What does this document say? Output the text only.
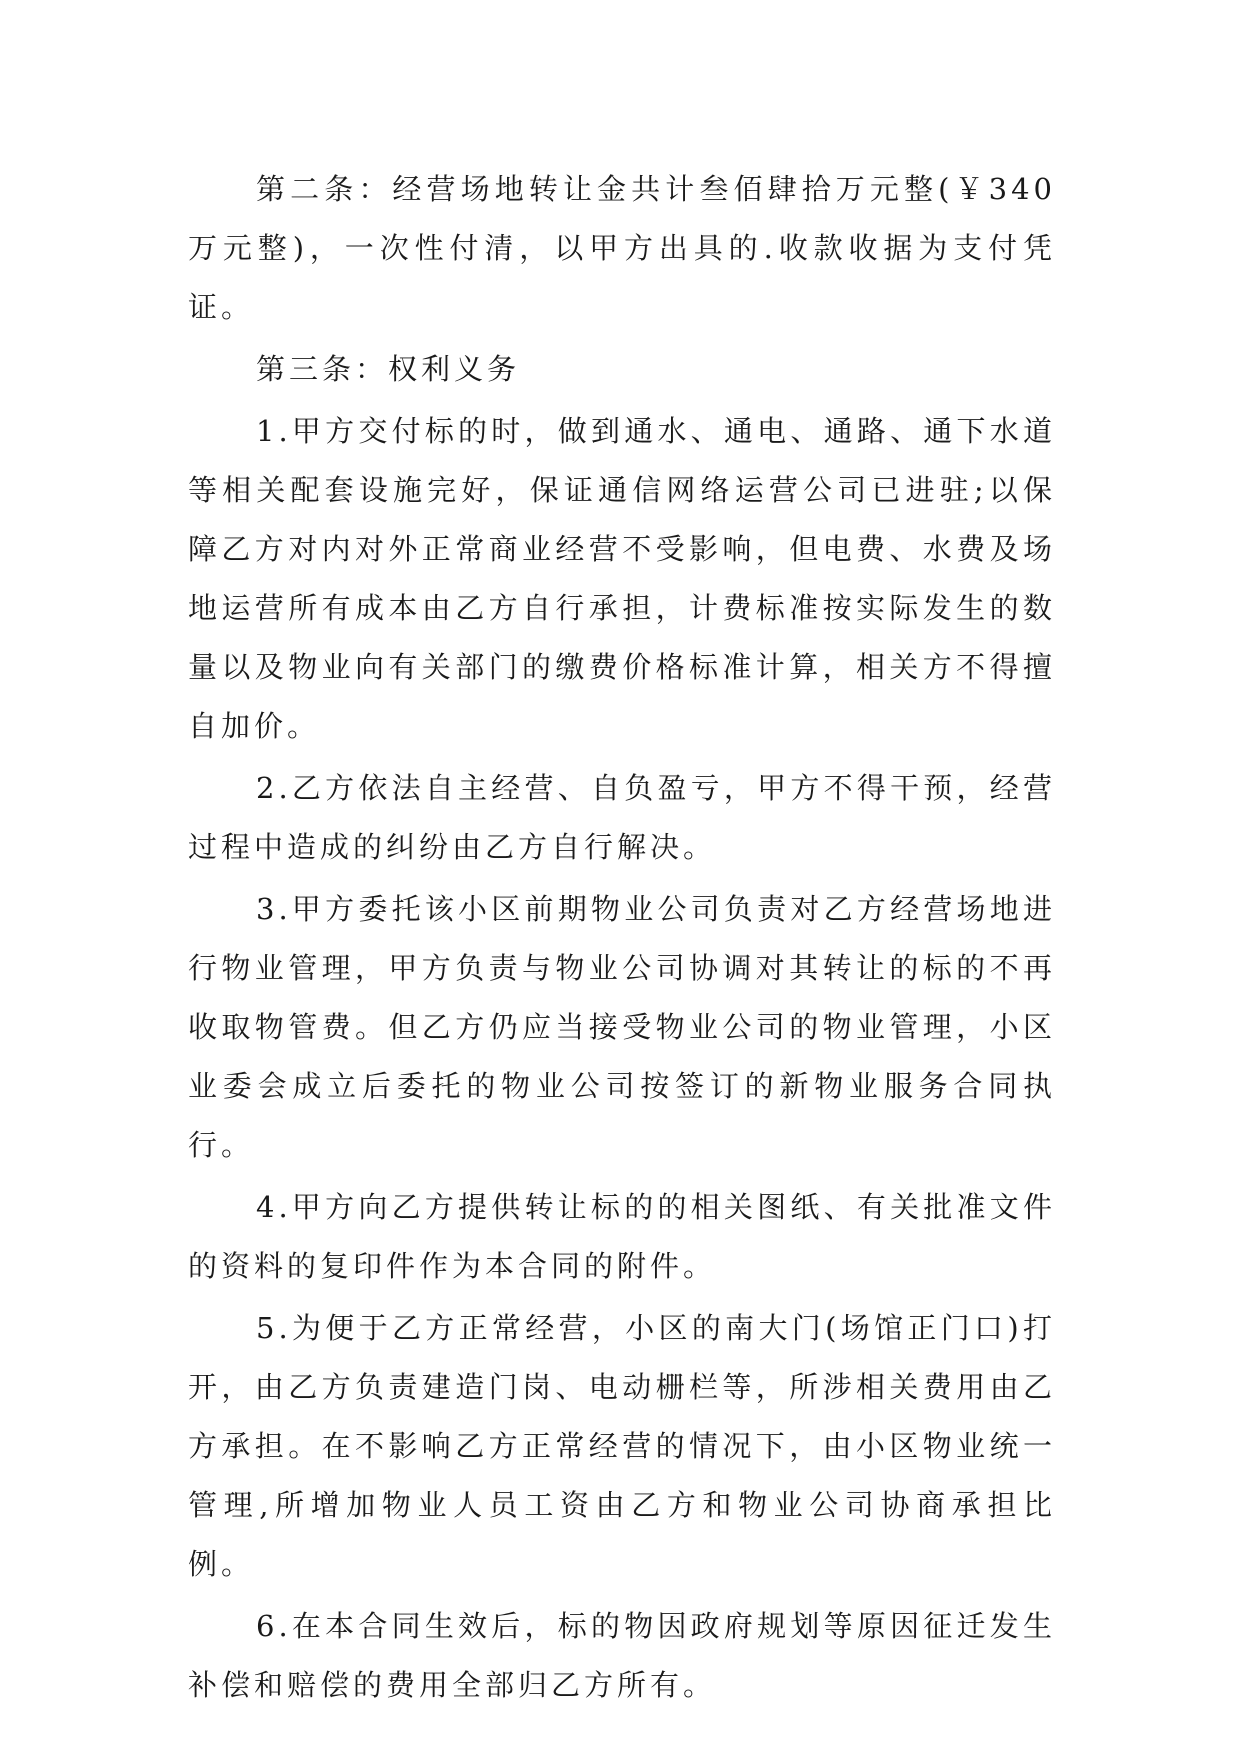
第二条：经营场地转让金共计叁佰肆拾万元整(￥340万元整)，一次性付清，以甲方出具的.收款收据为支付凭证。

第三条：权利义务

1.甲方交付标的时，做到通水、通电、通路、通下水道等相关配套设施完好，保证通信网络运营公司已进驻;以保障乙方对内对外正常商业经营不受影响，但电费、水费及场地运营所有成本由乙方自行承担，计费标准按实际发生的数量以及物业向有关部门的缴费价格标准计算，相关方不得擅自加价。

2.乙方依法自主经营、自负盈亏，甲方不得干预，经营过程中造成的纠纷由乙方自行解决。

3.甲方委托该小区前期物业公司负责对乙方经营场地进行物业管理，甲方负责与物业公司协调对其转让的标的不再收取物管费。但乙方仍应当接受物业公司的物业管理，小区业委会成立后委托的物业公司按签订的新物业服务合同执行。

4.甲方向乙方提供转让标的的相关图纸、有关批准文件的资料的复印件作为本合同的附件。

5.为便于乙方正常经营，小区的南大门(场馆正门口)打开，由乙方负责建造门岗、电动栅栏等，所涉相关费用由乙方承担。在不影响乙方正常经营的情况下，由小区物业统一管理,所增加物业人员工资由乙方和物业公司协商承担比例。

6.在本合同生效后，标的物因政府规划等原因征迁发生补偿和赔偿的费用全部归乙方所有。
